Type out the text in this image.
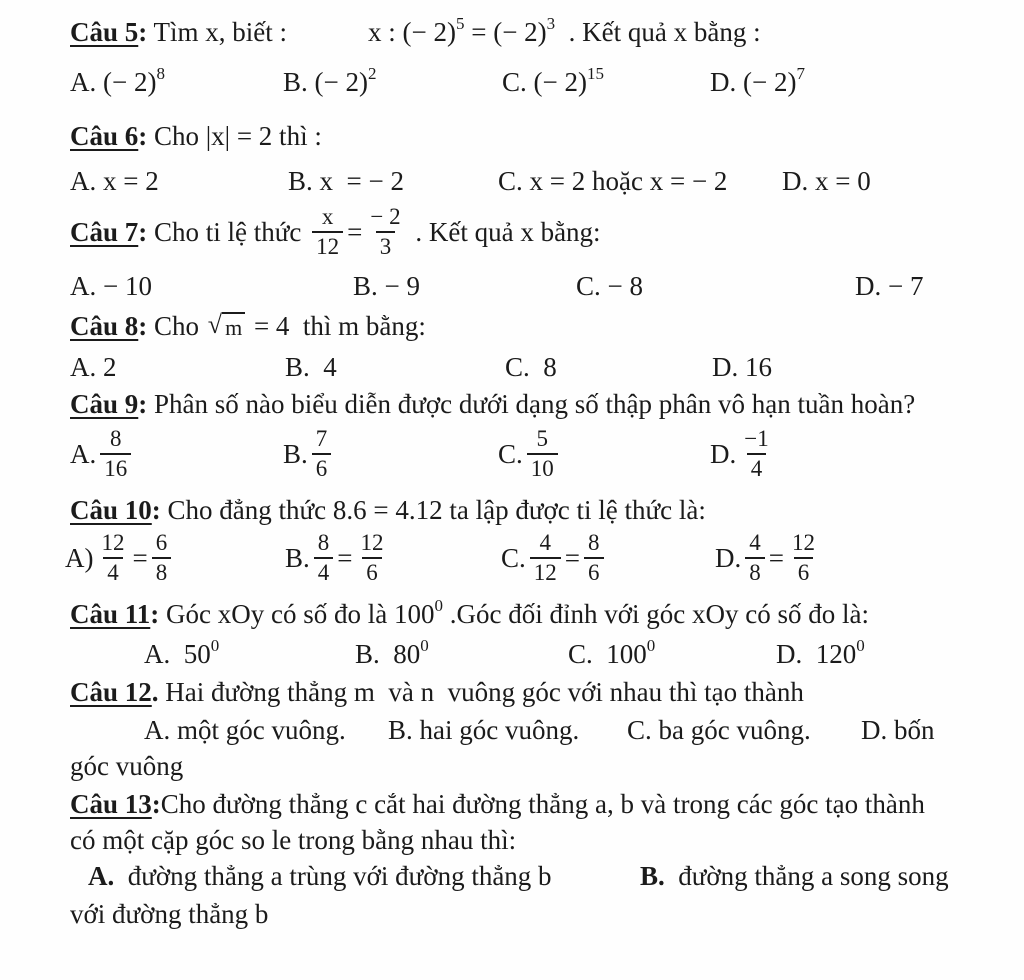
Câu 5 : Tìm x, biết :            x : (− 2) 5 = (− 2) 3 . Kết quả x bằng :
A. (− 2) 8	B. (− 2) 2	C. (− 2) 15	D. (− 2) 7
Câu 6 : Cho |x| = 2 thì :
A. x = 2	B. x  = − 2	C. x = 2 hoặc x = − 2 D. x = 0
Câu 7 : Cho ti lệ thức $\frac{x}{12} = \frac{- 2}{3}$ . Kết quả x bằng:
A. − 10	B. − 9	C. − 8	D. − 7
Câu 8 : Cho √ m = 4  thì m bằng:
A. 2	B. 4	C. 8	D. 16
Câu 9 : Phân số nào biểu diễn được dưới dạng số thập phân vô hạn tuần hoàn?
A. $\frac{8}{16}$	B. $\frac{7}{6}$	C. $\frac{5}{10}$	D. $\frac{-1}{4}$
Câu 10 : Cho đẳng thức 8.6 = 4.12 ta lập được ti lệ thức là:
$A) \frac{12}{4} = \frac{6}{8}$	B. $\frac{8}{4} = \frac{12}{6}$	C. $\frac{4}{12} = \frac{8}{6}$	D. $\frac{4}{8} = \frac{12}{6}$
Câu 11 : Góc xOy có số đo là 100 0 .Góc đối đỉnh với góc xOy có số đo là:
A. 50 0	B. 80 0	C. 100 0	D. 120 0
Câu 12 . Hai đường thẳng m  và n  vuông góc với nhau thì tạo thành
A. một góc vuông. B. hai góc vuông. C. ba góc vuông. D. bốn
góc vuông
Câu 13 : Cho đường thẳng c cắt hai đường thẳng a, b và trong các góc tạo thành
có một cặp góc so le trong bằng nhau thì:
A. đường thẳng a trùng với đường thẳng b	B. đường thẳng a song song
với đường thẳng b
